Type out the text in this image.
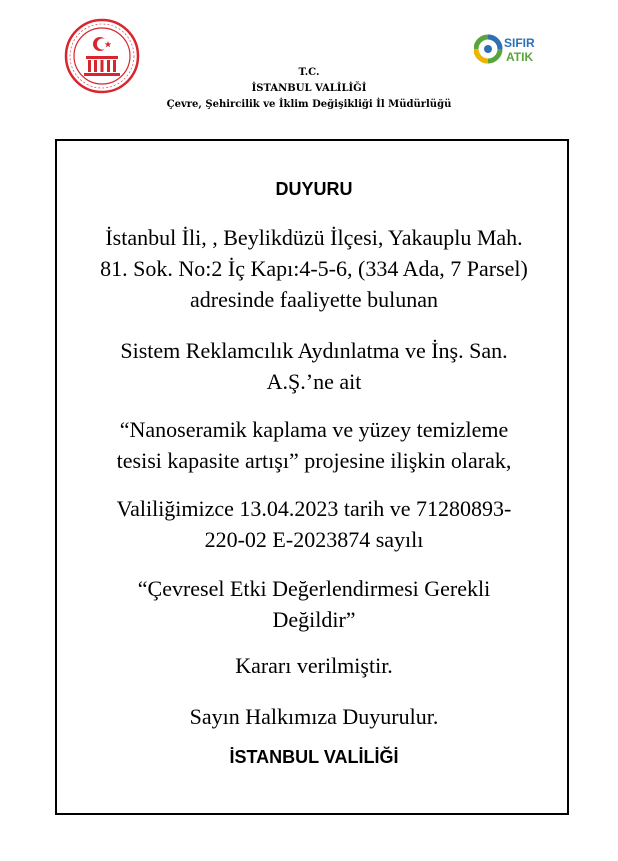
SIFIR
ATIK
T.C.
İSTANBUL VALİLİĞİ
Çevre, Şehircilik ve İklim Değişikliği İl Müdürlüğü
DUYURU
İstanbul İli, , Beylikdüzü İlçesi, Yakauplu Mah.
81. Sok. No:2 İç Kapı:4-5-6, (334 Ada, 7 Parsel)
adresinde faaliyette bulunan
Sistem Reklamcılık Aydınlatma ve İnş. San.
A.Ş.’ne ait
“Nanoseramik kaplama ve yüzey temizleme
tesisi kapasite artışı” projesine ilişkin olarak,
Valiliğimizce 13.04.2023 tarih ve 71280893-
220-02 E-2023874 sayılı
“Çevresel Etki Değerlendirmesi Gerekli
Değildir”
Kararı verilmiştir.
Sayın Halkımıza Duyurulur.
İSTANBUL VALİLİĞİ
